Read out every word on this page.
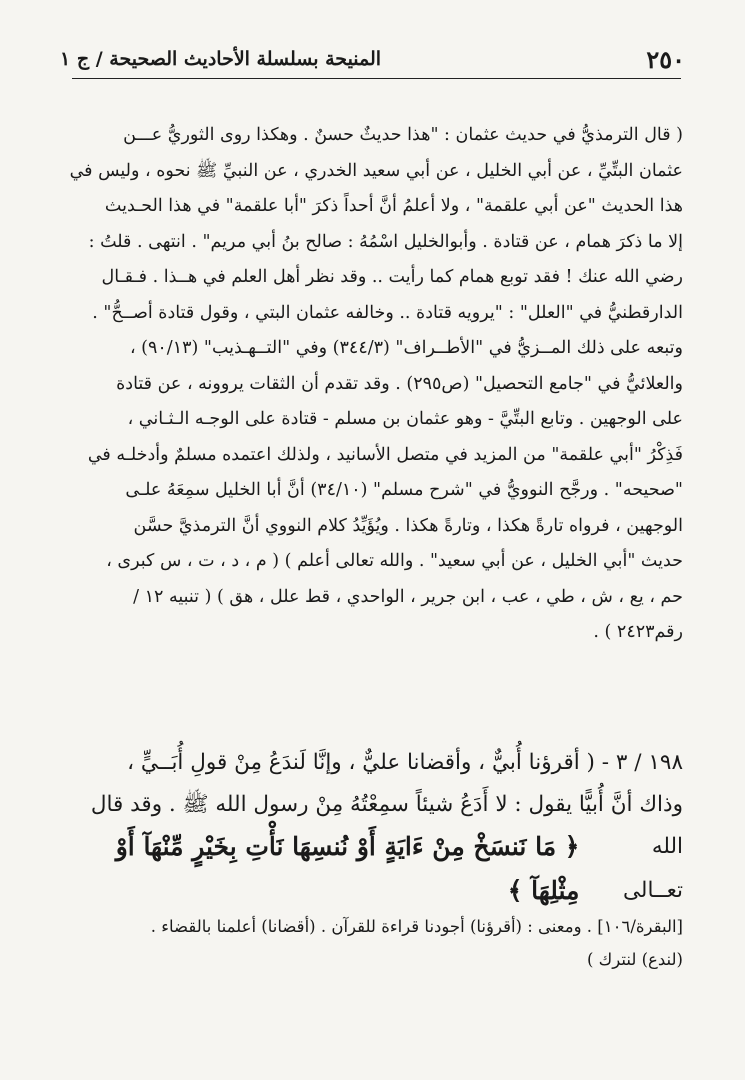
٢٥٠
المنيحة بسلسلة الأحاديث الصحيحة / ج ١

( قال الترمذيُّ في حديث عثمان : "هذا حديثٌ حسنٌ . وهكذا روى الثوريُّ عـــن

عثمان البتِّيِّ ، عن أبي الخليل ، عن أبي سعيد الخدري ، عن النبيِّ ﷺ نحوه ، وليس في

هذا الحديث "عن أبي علقمة" ، ولا أعلمُ أنَّ أحداً ذكرَ "أبا علقمة" في هذا الحـديث

إلا ما ذكرَ همام ، عن قتادة . وأبوالخليل اسْمُهُ : صالح بنُ أبي مريم" . انتهى . قلتُ :

رضي الله عنك ! فقد توبع همام كما رأيت .. وقد نظر أهل العلم في هــذا . فـقـال

الدارقطنيُّ في "العلل" : "يرويه قتادة .. وخالفه عثمان البتي ، وقول قتادة أصــحُّ" .

وتبعه على ذلك المــزيُّ في "الأطــراف" (٣٤٤/٣) وفي "التــهـذيب" (٩٠/١٣) ،

والعلائيُّ في "جامع التحصيل" (ص٢٩٥) . وقد تقدم أن الثقات يروونه ، عن قتادة

على الوجهين . وتابع البتِّيَّ - وهو عثمان بن مسلم - قتادة على الوجـه الـثـاني ،

فَذِكْرُ "أبي علقمة" من المزيد في متصل الأسانيد ، ولذلك اعتمده مسلمٌ وأدخلـه في

"صحيحه" . ورجَّح النوويُّ في "شرح مسلم" (٣٤/١٠) أنَّ أبا الخليل سمِعَهُ علـى

الوجهين ، فرواه تارةً هكذا ، وتارةً هكذا . ويُؤَيِّدُ كلام النووي أنَّ الترمذيَّ حسَّن

حديث "أبي الخليل ، عن أبي سعيد" . والله تعالى أعلم ) ( م ، د ، ت ، س كبرى ،

حم ، يع ، ش ، طي ، عب ، ابن جرير ، الواحدي ، قط علل ، هق ) ( تنبيه ١٢ /

رقم٢٤٢٣ ) .

١٩٨ / ٣ - ( أقرؤنا أُبيٌّ ، وأقضانا عليٌّ ، وإنَّا لَندَعُ مِنْ قولِ أُبَــيٍّ ،

وذاك أنَّ أُبيًّا يقول : لا أَدَعُ شيئاً سمِعْتُهُ مِنْ رسول الله ﷺ . وقد قال

الله تعــالى
﴿ مَا نَنسَخْ مِنْ ءَايَةٍ أَوْ نُنسِهَا نَأْتِ بِخَيْرٍ مِّنْهَآ أَوْ مِثْلِهَآ ﴾

[البقرة/١٠٦] . ومعنى : (أقرؤنا) أجودنا قراءة للقرآن . (أقضانا) أعلمنا بالقضاء .

(لندع) لنترك )
